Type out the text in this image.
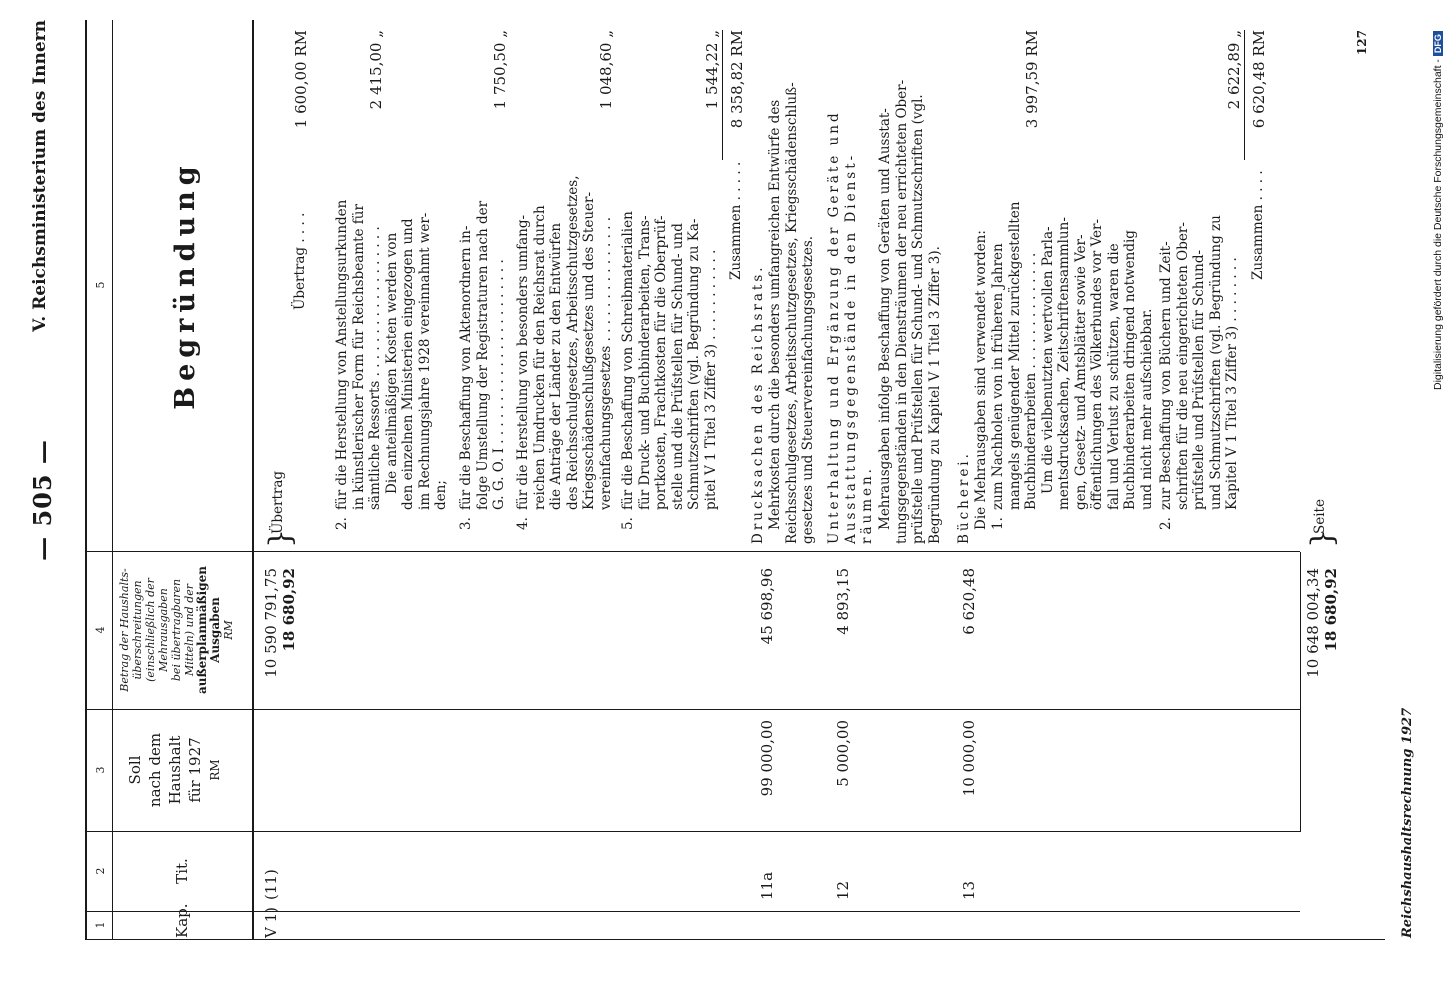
— 505 —
V. Reichsministerium des Innern
1
2
3
4
5
Kap.
Tit.
Soll nach dem Haushalt für 1927 RM
Betrag der Haushalts- überschreitungen (einschließlich der Mehrausgaben bei übertragbaren Mitteln) und der außerplanmäßigen Ausgaben RM
Begründung
V 1)
(11)
10 590 791,75 18 680,92
}
Übertrag
Übertrag . . . .
1 600,00 RM
2.
für die Herstellung von Anstellungsurkunden in künstlerischer Form für Reichsbeamte für sämtliche Ressorts . . . . . . . . . . . . . . . . . . Die anteilmäßigen Kosten werden von den einzelnen Ministerien eingezogen und im Rechnungsjahre 1928 vereinnahmt wer- den;
2 415,00 „
3.
für die Beschaffung von Aktenordnern in- folge Umstellung der Registraturen nach der G. G. O. I . . . . . . . . . . . . . . . . . . . . . .
1 750,50 „
4.
für die Herstellung von besonders umfang- reichen Umdrucken für den Reichsrat durch die Anträge der Länder zu den Entwürfen des Reichsschulgesetzes, Arbeitsschutzgesetzes, Kriegsschädenschlußgesetzes und des Steuer- vereinfachungsgesetzes . . . . . . . . . . . . . . .
1 048,60 „
5.
für die Beschaffung von Schreibmaterialien für Druck- und Buchbinderarbeiten, Trans- portkosten, Frachtkosten für die Oberprüf- stelle und die Prüfstellen für Schund- und Schmutzschriften (vgl. Begründung zu Ka- pitel V 1 Titel 3 Ziffer 3) . . . . . . . . . . .
1 544,22 „
Zusammen . . . . .
8 358,82 RM
11a
99 000,00
45 698,96
Drucksachen des Reichsrats. Mehrkosten durch die besonders umfangreichen Entwürfe des Reichsschulgesetzes, Arbeitsschutzgesetzes, Kriegsschädenschluß- gesetzes und Steuervereinfachungsgesetzes.
12
5 000,00
4 893,15
Unterhaltung und Ergänzung der Geräte und Ausstattungsgegenstände in den Dienst- räumen. Mehrausgaben infolge Beschaffung von Geräten und Ausstat- tungsgegenständen in den Diensträumen der neu errichteten Ober- prüfstelle und Prüfstellen für Schund- und Schmutzschriften (vgl. Begründung zu Kapitel V 1 Titel 3 Ziffer 3).
13
10 000,00
6 620,48
Bücherei. Die Mehrausgaben sind verwendet worden: 1.
zum Nachholen von in früheren Jahren mangels genügender Mittel zurückgestellten Buchbinderarbeiten . . . . . . . . . . . . . . Um die vielbenutzten wertvollen Parla- mentsdrucksachen, Zeitschriftensammlun- gen, Gesetz- und Amtsblätter sowie Ver- öffentlichungen des Völkerbundes vor Ver- fall und Verlust zu schützen, waren die Buchbinderarbeiten dringend notwendig und nicht mehr aufschiebbar.
3 997,59 RM
2.
zur Beschaffung von Büchern und Zeit- schriften für die neu eingerichteten Ober- prüfstelle und Prüfstellen für Schund- und Schmutzschriften (vgl. Begründung zu Kapitel V 1 Titel 3 Ziffer 3) . . . . . . . .
2 622,89 „
Zusammen . . . .
6 620,48 RM
10 648 004,34 18 680,92
}
Seite
Reichshaushaltsrechnung 1927
127
Digitalisierung gefördert durch die Deutsche Forschungsgemeinschaft -DFG
